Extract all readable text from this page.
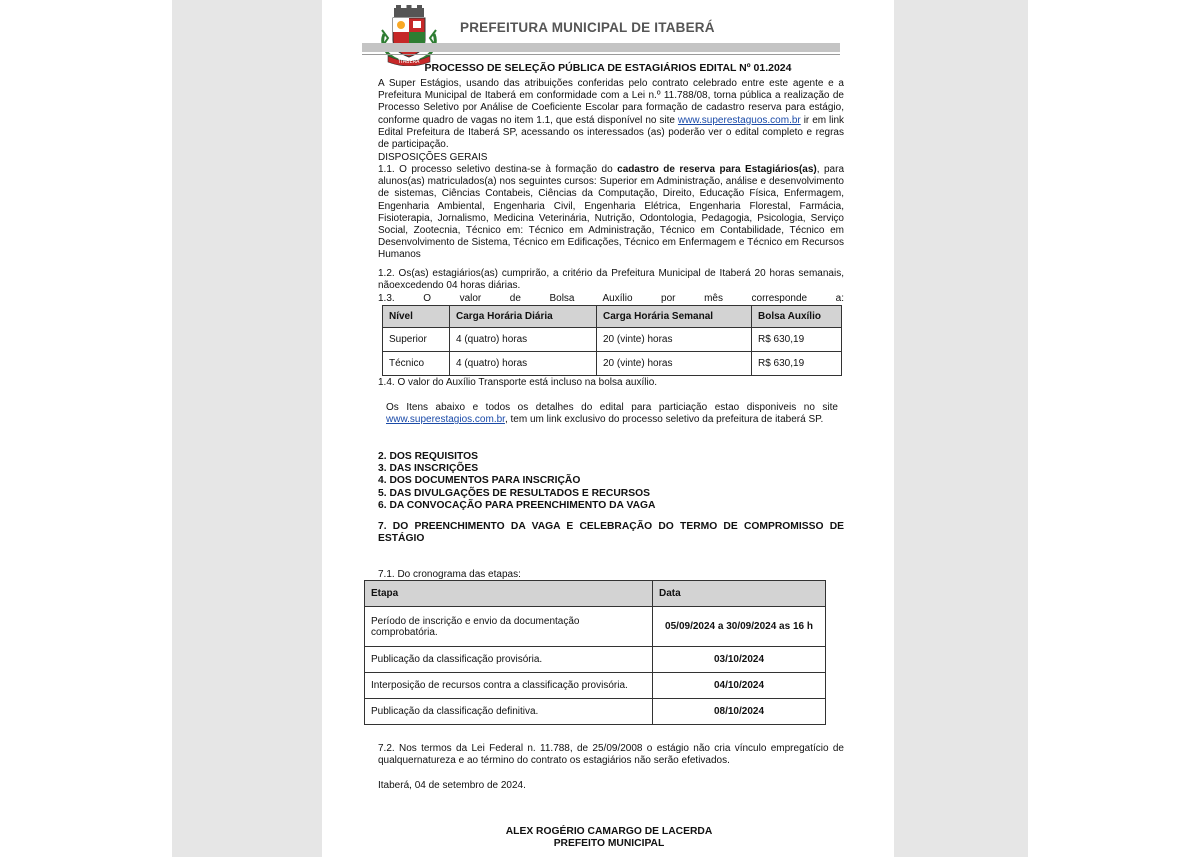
ITABERÁ
PREFEITURA MUNICIPAL DE ITABERÁ
PROCESSO DE SELEÇÃO PÚBLICA DE ESTAGIÁRIOS EDITAL Nº 01.2024
A Super Estágios, usando das atribuições conferidas pelo contrato celebrado entre este agente e a Prefeitura Municipal de Itaberá em conformidade com a Lei n.º 11.788/08, torna pública a realização de Processo Seletivo por Análise de Coeficiente Escolar para formação de cadastro reserva para estágio, conforme quadro de vagas no item 1.1, que está disponível no site www.superestaguos.com.br ir em link Edital Prefeitura de Itaberá SP, acessando os interessados (as) poderão ver o edital completo e regras de participação.
DISPOSIÇÕES GERAIS
1.1. O processo seletivo destina-se à formação do cadastro de reserva para Estagiários(as), para alunos(as) matriculados(a) nos seguintes cursos: Superior em Administração, análise e desenvolvimento de sistemas, Ciências Contabeis, Ciências da Computação, Direito, Educação Física, Enfermagem, Engenharia Ambiental, Engenharia Civil, Engenharia Elétrica, Engenharia Florestal, Farmácia, Fisioterapia, Jornalismo, Medicina Veterinária, Nutrição, Odontologia, Pedagogia, Psicologia, Serviço Social, Zootecnia, Técnico em: Técnico em Administração, Técnico em Contabilidade, Técnico em Desenvolvimento de Sistema, Técnico em Edificações, Técnico em Enfermagem e Técnico em Recursos Humanos
1.2. Os(as) estagiários(as) cumprirão, a critério da Prefeitura Municipal de Itaberá 20 horas semanais, nãoexcedendo 04 horas diárias.
1.3. O valor de Bolsa Auxílio por mês corresponde a:
Nível	Carga Horária Diária	Carga Horária Semanal	Bolsa Auxílio
Superior	4 (quatro) horas	20 (vinte) horas	R$ 630,19
Técnico	4 (quatro) horas	20 (vinte) horas	R$ 630,19
1.4. O valor do Auxílio Transporte está incluso na bolsa auxílio.
Os Itens abaixo e todos os detalhes do edital para particiação estao disponiveis no site www.superestagios.com.br, tem um link exclusivo do processo seletivo da prefeitura de itaberá SP.
2. DOS REQUISITOS
3. DAS INSCRIÇÕES
4. DOS DOCUMENTOS PARA INSCRIÇÃO
5. DAS DIVULGAÇÕES DE RESULTADOS E RECURSOS
6. DA CONVOCAÇÃO PARA PREENCHIMENTO DA VAGA
7. DO PREENCHIMENTO DA VAGA E CELEBRAÇÃO DO TERMO DE COMPROMISSO DE ESTÁGIO
7.1. Do cronograma das etapas:
Etapa	Data
Período de inscrição e envio da documentação comprobatória.	05/09/2024 a 30/09/2024 as 16 h
Publicação da classificação provisória.	03/10/2024
Interposição de recursos contra a classificação provisória.	04/10/2024
Publicação da classificação definitiva.	08/10/2024
7.2. Nos termos da Lei Federal n. 11.788, de 25/09/2008 o estágio não cria vínculo empregatício de qualquernatureza e ao término do contrato os estagiários não serão efetivados.
Itaberá, 04 de setembro de 2024.
ALEX ROGÉRIO CAMARGO DE LACERDA
PREFEITO MUNICIPAL
